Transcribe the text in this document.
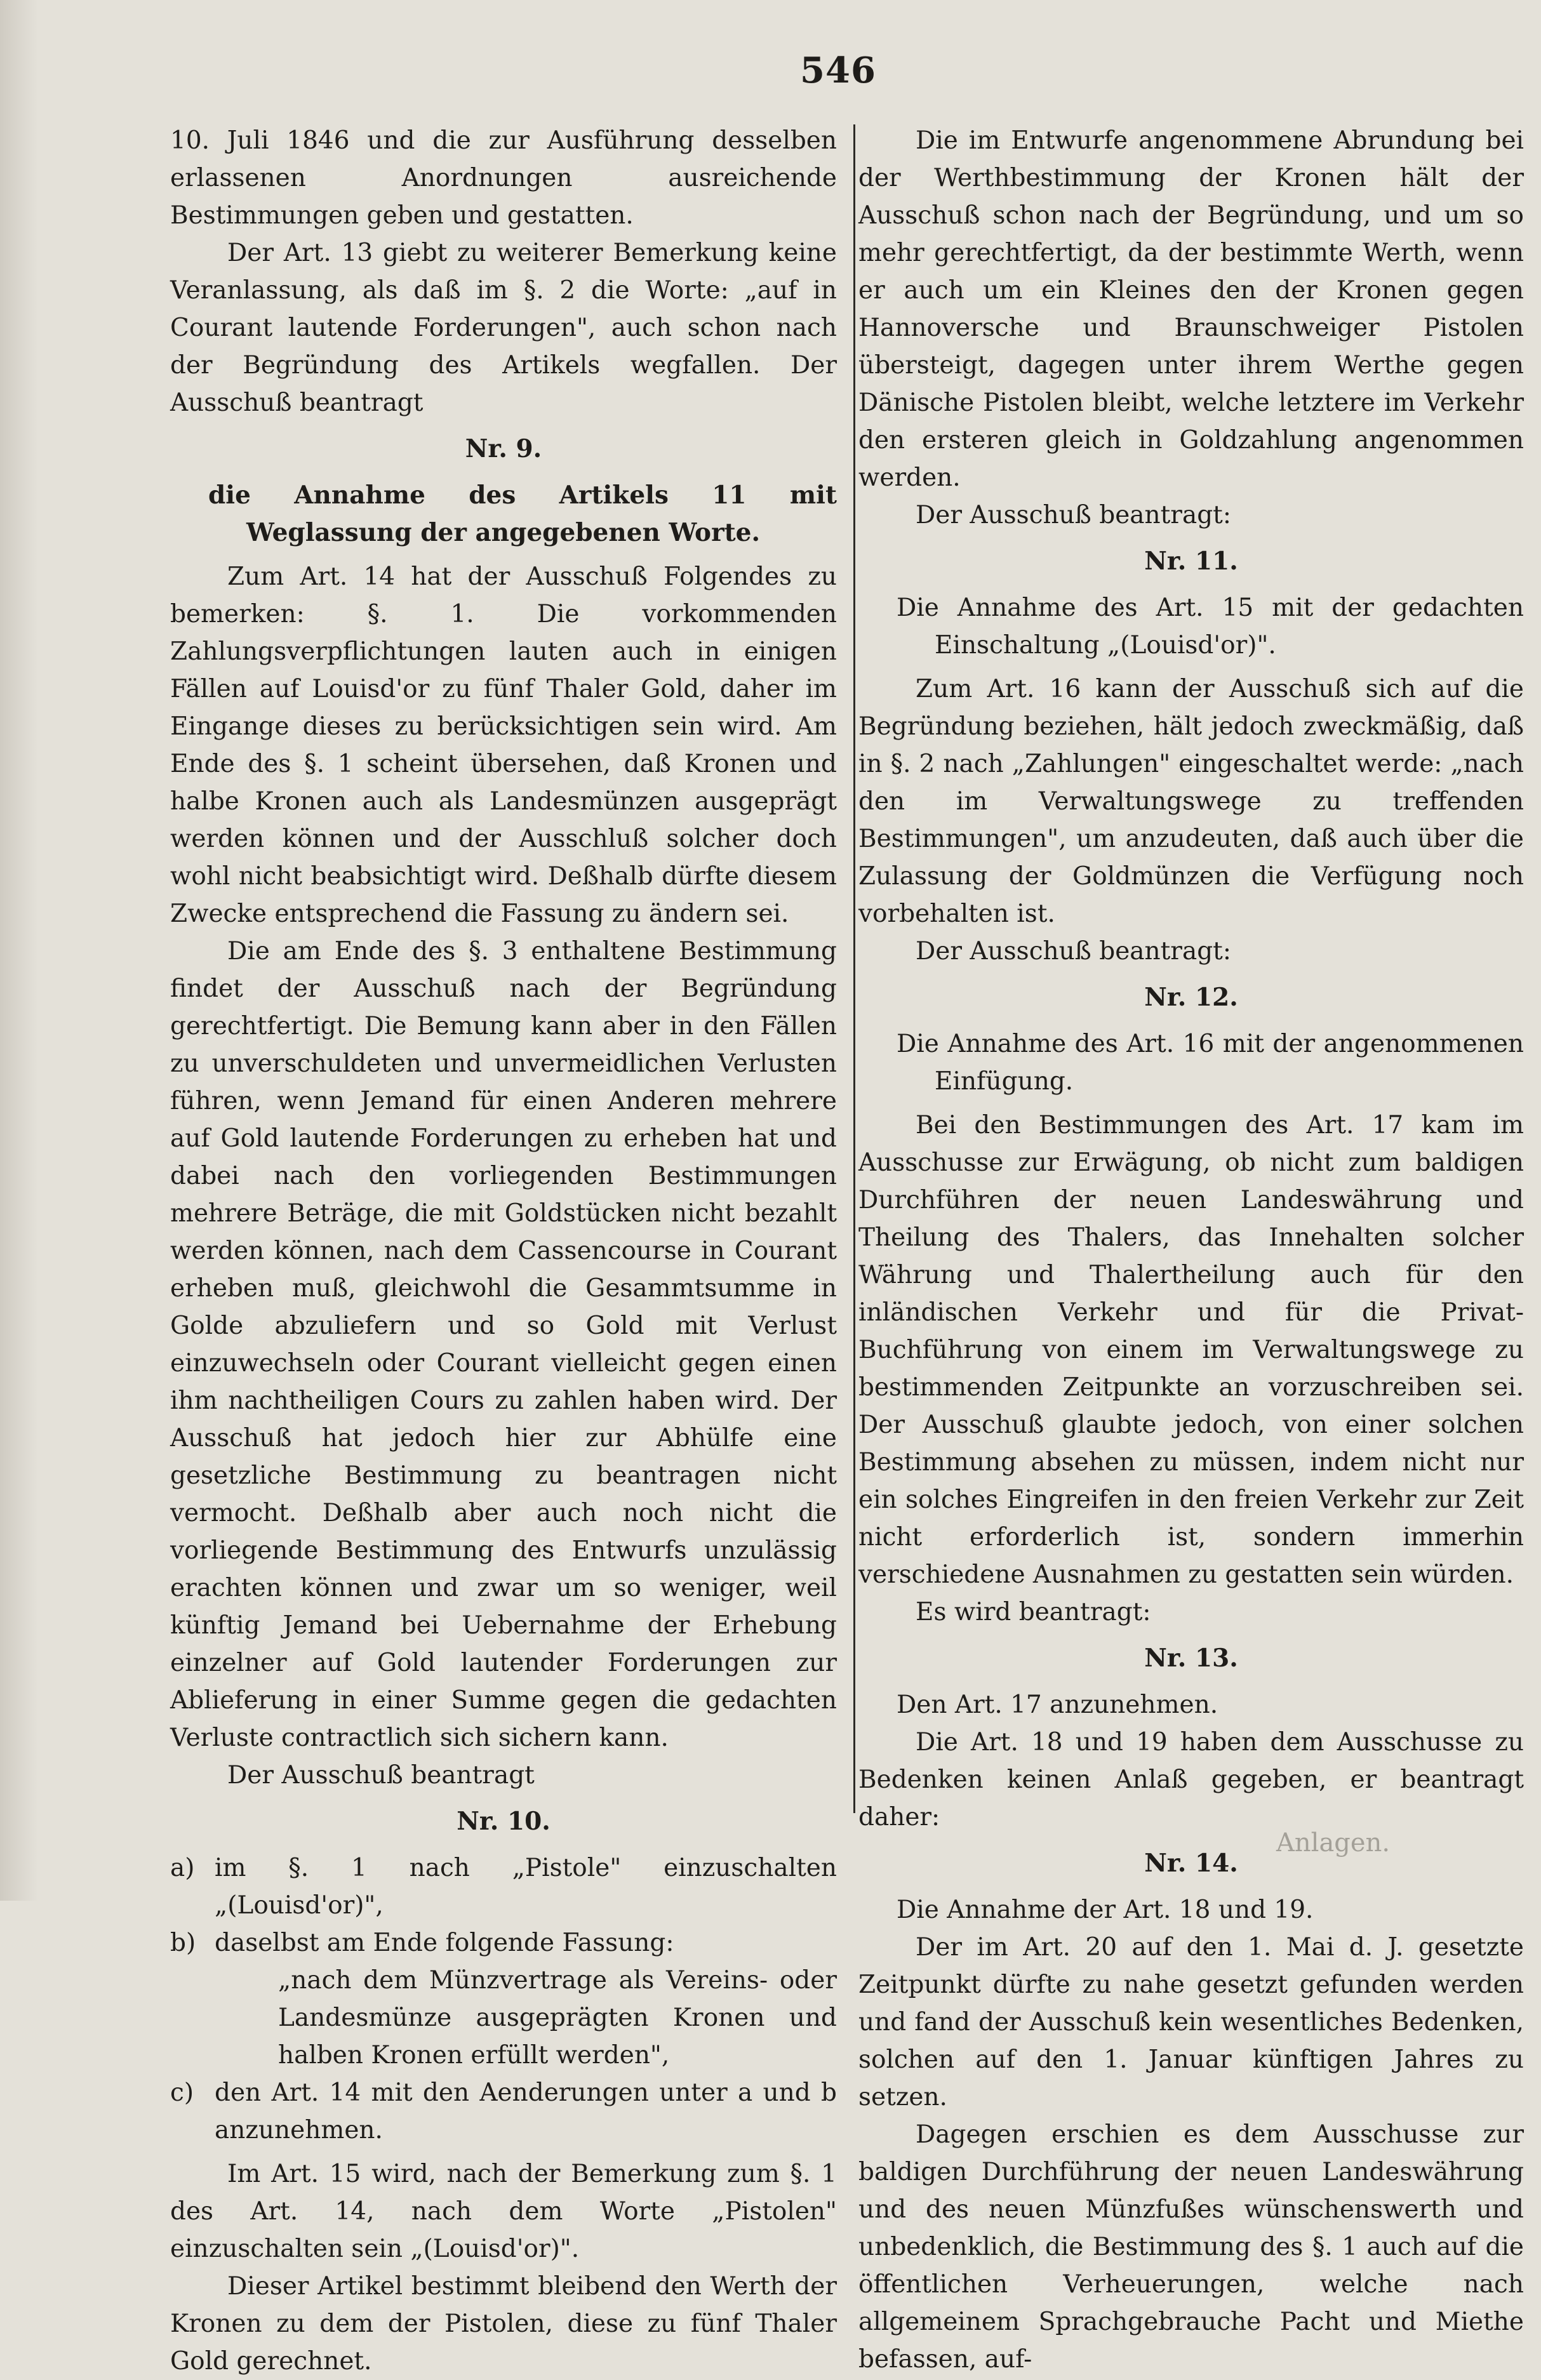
546

10. Juli 1846 und die zur Ausführung desselben erlassenen Anordnungen ausreichende Bestimmungen geben und gestatten.

Der Art. 13 giebt zu weiterer Bemerkung keine Veranlassung, als daß im §. 2 die Worte: „auf in Courant lautende Forderungen", auch schon nach der Begründung des Artikels wegfallen. Der Ausschuß beantragt

Nr. 9.

die Annahme des Artikels 11 mit Weglassung der angegebenen Worte.

Zum Art. 14 hat der Ausschuß Folgendes zu bemerken: §. 1. Die vorkommenden Zahlungsverpflichtungen lauten auch in einigen Fällen auf Louisd'or zu fünf Thaler Gold, daher im Eingange dieses zu berücksichtigen sein wird. Am Ende des §. 1 scheint übersehen, daß Kronen und halbe Kronen auch als Landesmünzen ausgeprägt werden können und der Ausschluß solcher doch wohl nicht beabsichtigt wird. Deßhalb dürfte diesem Zwecke entsprechend die Fassung zu ändern sei.

Die am Ende des §. 3 enthaltene Bestimmung findet der Ausschuß nach der Begründung gerechtfertigt. Die Bemung kann aber in den Fällen zu unverschuldeten und unvermeidlichen Verlusten führen, wenn Jemand für einen Anderen mehrere auf Gold lautende Forderungen zu erheben hat und dabei nach den vorliegenden Bestimmungen mehrere Beträge, die mit Goldstücken nicht bezahlt werden können, nach dem Cassencourse in Courant erheben muß, gleichwohl die Gesammtsumme in Golde abzuliefern und so Gold mit Verlust einzuwechseln oder Courant vielleicht gegen einen ihm nachtheiligen Cours zu zahlen haben wird. Der Ausschuß hat jedoch hier zur Abhülfe eine gesetzliche Bestimmung zu beantragen nicht vermocht. Deßhalb aber auch noch nicht die vorliegende Bestimmung des Entwurfs unzulässig erachten können und zwar um so weniger, weil künftig Jemand bei Uebernahme der Erhebung einzelner auf Gold lautender Forderungen zur Ablieferung in einer Summe gegen die gedachten Verluste contractlich sich sichern kann.

Der Ausschuß beantragt

Nr. 10.

a) im §. 1 nach „Pistole" einzuschalten „(Louisd'or)",
b) daselbst am Ende folgende Fassung:

„nach dem Münzvertrage als Vereins- oder Landesmünze ausgeprägten Kronen und halben Kronen erfüllt werden",

c) den Art. 14 mit den Aenderungen unter a und b anzunehmen.

Im Art. 15 wird, nach der Bemerkung zum §. 1 des Art. 14, nach dem Worte „Pistolen" einzuschalten sein „(Louisd'or)".

Dieser Artikel bestimmt bleibend den Werth der Kronen zu dem der Pistolen, diese zu fünf Thaler Gold gerechnet.

Die im Entwurfe angenommene Abrundung bei der Werthbestimmung der Kronen hält der Ausschuß schon nach der Begründung, und um so mehr gerechtfertigt, da der bestimmte Werth, wenn er auch um ein Kleines den der Kronen gegen Hannoversche und Braunschweiger Pistolen übersteigt, dagegen unter ihrem Werthe gegen Dänische Pistolen bleibt, welche letztere im Verkehr den ersteren gleich in Goldzahlung angenommen werden.

Der Ausschuß beantragt:

Nr. 11.

Die Annahme des Art. 15 mit der gedachten Einschaltung „(Louisd'or)".

Zum Art. 16 kann der Ausschuß sich auf die Begründung beziehen, hält jedoch zweckmäßig, daß in §. 2 nach „Zahlungen" eingeschaltet werde: „nach den im Verwaltungswege zu treffenden Bestimmungen", um anzudeuten, daß auch über die Zulassung der Goldmünzen die Verfügung noch vorbehalten ist.

Der Ausschuß beantragt:

Nr. 12.

Die Annahme des Art. 16 mit der angenommenen Einfügung.

Bei den Bestimmungen des Art. 17 kam im Ausschusse zur Erwägung, ob nicht zum baldigen Durchführen der neuen Landeswährung und Theilung des Thalers, das Innehalten solcher Währung und Thalertheilung auch für den inländischen Verkehr und für die Privat-Buchführung von einem im Verwaltungswege zu bestimmenden Zeitpunkte an vorzuschreiben sei. Der Ausschuß glaubte jedoch, von einer solchen Bestimmung absehen zu müssen, indem nicht nur ein solches Eingreifen in den freien Verkehr zur Zeit nicht erforderlich ist, sondern immerhin verschiedene Ausnahmen zu gestatten sein würden.

Es wird beantragt:

Nr. 13.

Den Art. 17 anzunehmen.

Die Art. 18 und 19 haben dem Ausschusse zu Bedenken keinen Anlaß gegeben, er beantragt daher:

Nr. 14.

Die Annahme der Art. 18 und 19.

Der im Art. 20 auf den 1. Mai d. J. gesetzte Zeitpunkt dürfte zu nahe gesetzt gefunden werden und fand der Ausschuß kein wesentliches Bedenken, solchen auf den 1. Januar künftigen Jahres zu setzen.

Dagegen erschien es dem Ausschusse zur baldigen Durchführung der neuen Landeswährung und des neuen Münzfußes wünschenswerth und unbedenklich, die Bestimmung des §. 1 auch auf die öffentlichen Verheuerungen, welche nach allgemeinem Sprachgebrauche Pacht und Miethe befassen, auf-

Anlagen.
